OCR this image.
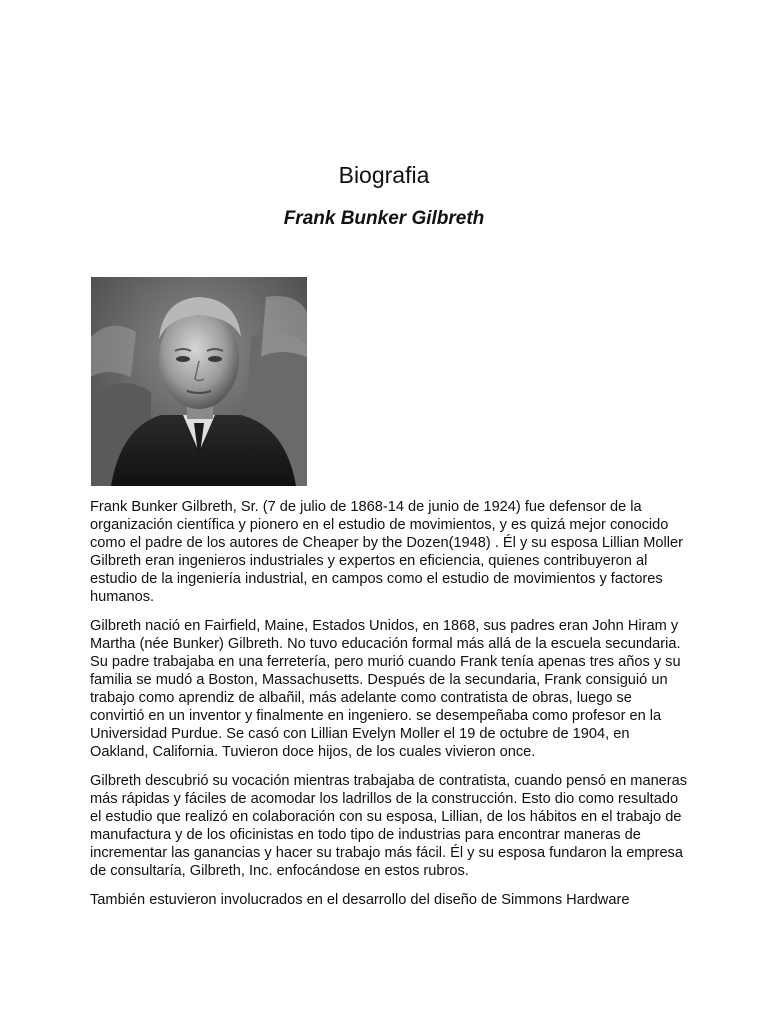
Biografia
Frank Bunker Gilbreth

Frank Bunker Gilbreth, Sr. (7 de julio de 1868-14 de junio de 1924) fue defensor de la organización científica y pionero en el estudio de movimientos, y es quizá mejor conocido como el padre de los autores de Cheaper by the Dozen(1948) . Él y su esposa Lillian Moller Gilbreth eran ingenieros industriales y expertos en eficiencia, quienes contribuyeron al estudio de la ingeniería industrial, en campos como el estudio de movimientos y factores humanos.

Gilbreth nació en Fairfield, Maine, Estados Unidos, en 1868, sus padres eran John Hiram y Martha (née Bunker) Gilbreth. No tuvo educación formal más allá de la escuela secundaria. Su padre trabajaba en una ferretería, pero murió cuando Frank tenía apenas tres años y su familia se mudó a Boston, Massachusetts. Después de la secundaria, Frank consiguió un trabajo como aprendiz de albañil, más adelante como contratista de obras, luego se convirtió en un inventor y finalmente en ingeniero. se desempeñaba como profesor en la Universidad Purdue. Se casó con Lillian Evelyn Moller el 19 de octubre de 1904, en Oakland, California. Tuvieron doce hijos, de los cuales vivieron once.

Gilbreth descubrió su vocación mientras trabajaba de contratista, cuando pensó en maneras más rápidas y fáciles de acomodar los ladrillos de la construcción. Esto dio como resultado el estudio que realizó en colaboración con su esposa, Lillian, de los hábitos en el trabajo de manufactura y de los oficinistas en todo tipo de industrias para encontrar maneras de incrementar las ganancias y hacer su trabajo más fácil. Él y su esposa fundaron la empresa de consultaría, Gilbreth, Inc. enfocándose en estos rubros.

También estuvieron involucrados en el desarrollo del diseño de Simmons Hardware
